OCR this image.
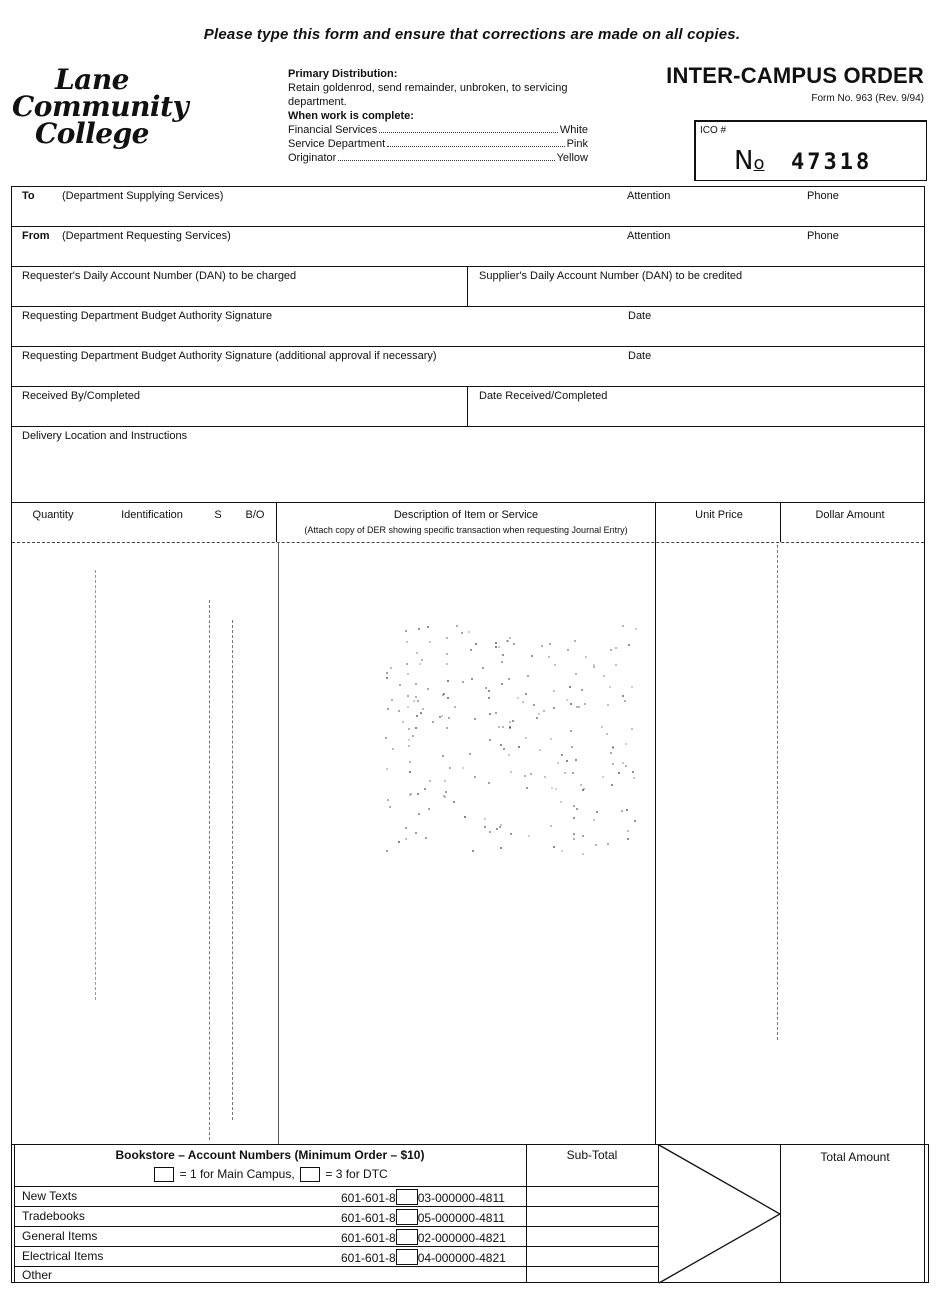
Please type this form and ensure that corrections are made on all copies.
Lane
Community
College
Primary Distribution:
Retain goldenrod, send remainder, unbroken, to servicing department.
When work is complete:
Financial Services	White
Service Department	Pink
Originator	Yellow
INTER-CAMPUS ORDER
Form No. 963 (Rev. 9/94)
ICO #
No 47318
To (Department Supplying Services)	Attention	Phone
From (Department Requesting Services)	Attention	Phone
Requester's Daily Account Number (DAN) to be charged	Supplier's Daily Account Number (DAN) to be credited
Requesting Department Budget Authority Signature	Date
Requesting Department Budget Authority Signature (additional approval if necessary)	Date
Received By/Completed	Date Received/Completed
Delivery Location and Instructions
Quantity	Identification	S	B/O	Description of Item or Service
(Attach copy of DER showing specific transaction when requesting Journal Entry)
Unit Price	Dollar Amount
Bookstore – Account Numbers (Minimum Order – $10)
= 1 for Main Campus,	= 3 for DTC
Sub-Total	Total Amount
New Texts	601-601-8 03-000000-4811
Tradebooks	601-601-8 05-000000-4811
General Items	601-601-8 02-000000-4821
Electrical Items	601-601-8 04-000000-4821
Other
